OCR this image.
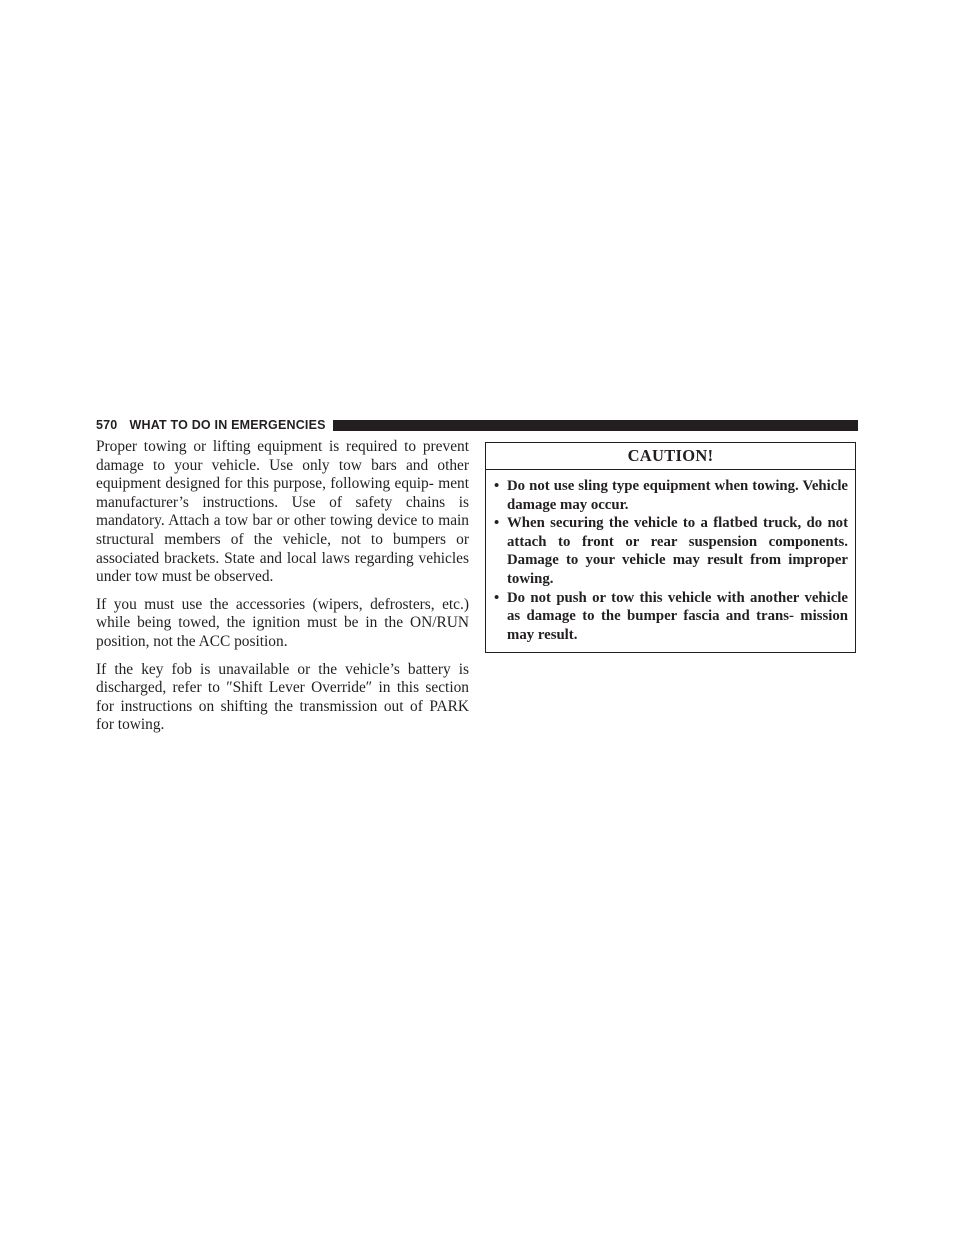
570 WHAT TO DO IN EMERGENCIES

Proper towing or lifting equipment is required to prevent damage to your vehicle. Use only tow bars and other equipment designed for this purpose, following equip- ment manufacturer’s instructions. Use of safety chains is mandatory. Attach a tow bar or other towing device to main structural members of the vehicle, not to bumpers or associated brackets. State and local laws regarding vehicles under tow must be observed.

If you must use the accessories (wipers, defrosters, etc.) while being towed, the ignition must be in the ON/RUN position, not the ACC position.

If the key fob is unavailable or the vehicle’s battery is discharged, refer to ″Shift Lever Override″ in this section for instructions on shifting the transmission out of PARK for towing.

CAUTION!
• Do not use sling type equipment when towing. Vehicle damage may occur.
• When securing the vehicle to a flatbed truck, do not attach to front or rear suspension components. Damage to your vehicle may result from improper towing.
• Do not push or tow this vehicle with another vehicle as damage to the bumper fascia and trans- mission may result.
